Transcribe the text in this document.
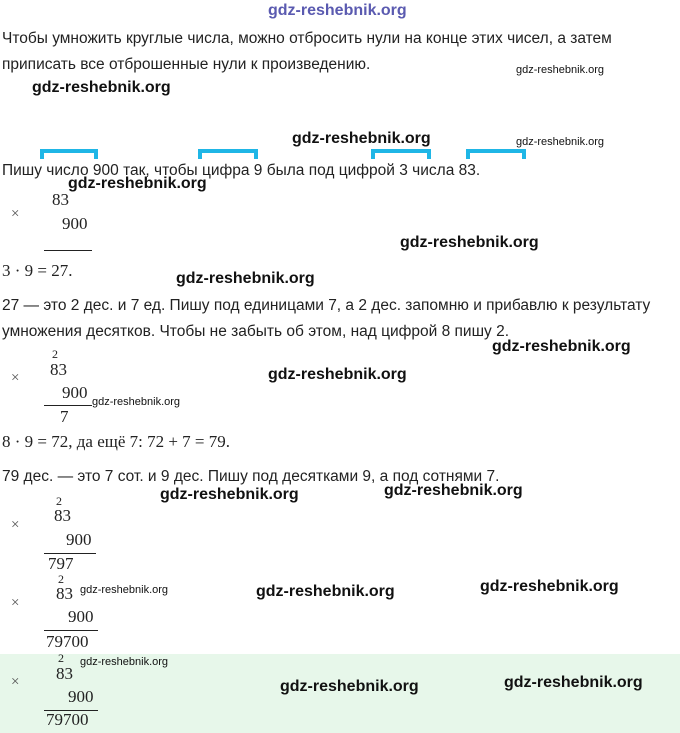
gdz-reshebnik.org
Чтобы умножить круглые числа, можно отбросить нули на конце этих чисел, а затем
приписать все отброшенные нули к произведению.	gdz-reshebnik.org
gdz-reshebnik.org
gdz-reshebnik.org	gdz-reshebnik.org
Пишу число 900 так, чтобы цифра 9 была под цифрой 3 числа 83.
gdz-reshebnik.org
×
83
900
gdz-reshebnik.org
3 · 9 = 27.	gdz-reshebnik.org
27 — это 2 дес. и 7 ед. Пишу под единицами 7, а 2 дес. запомню и прибавлю к результату
умножения десятков. Чтобы не забыть об этом, над цифрой 8 пишу 2.
gdz-reshebnik.org
2
× 83
900
7
gdz-reshebnik.org
gdz-reshebnik.org
8 · 9 = 72, да ещё 7: 72 + 7 = 79.
79 дес. — это 7 сот. и 9 дес. Пишу под десятками 9, а под сотнями 7.
gdz-reshebnik.org
gdz-reshebnik.org
2
× 83
900
797
2
× 83
900
79700
gdz-reshebnik.org	gdz-reshebnik.org	gdz-reshebnik.org
2
× 83
900
79700
gdz-reshebnik.org
gdz-reshebnik.org	gdz-reshebnik.org
